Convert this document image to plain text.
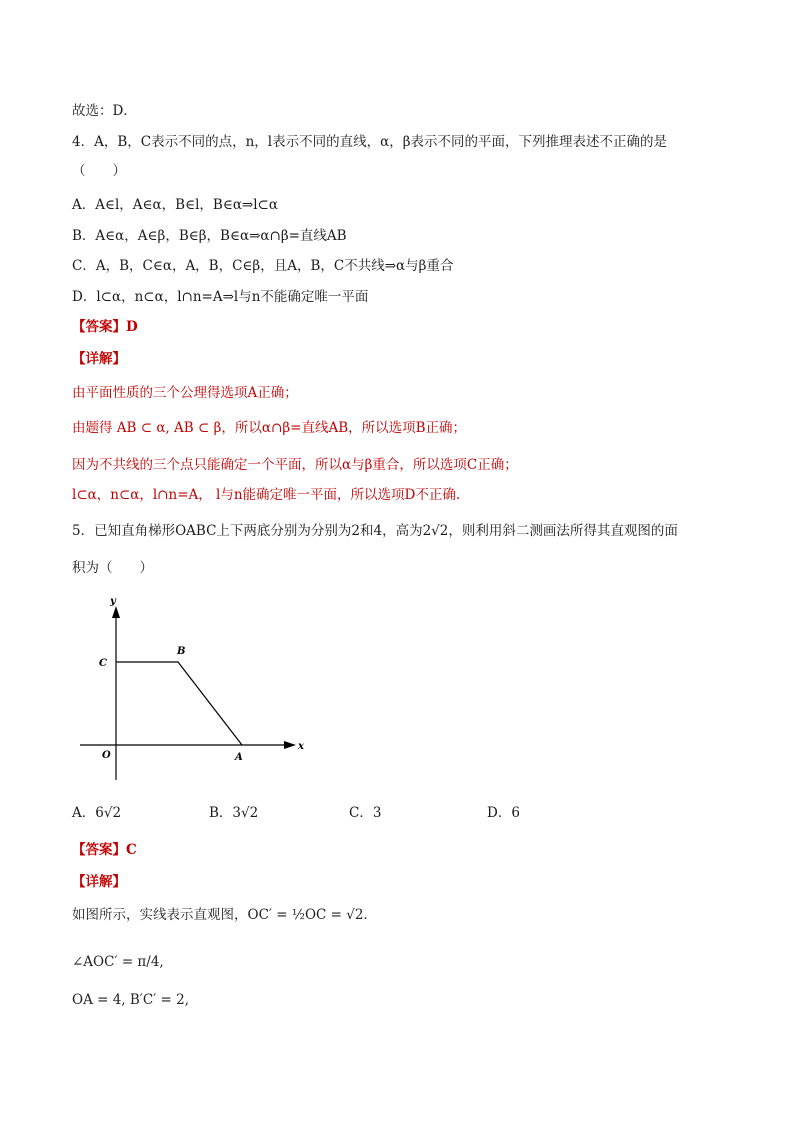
故选：D．
4．A，B，C表示不同的点，n，l表示不同的直线，α，β表示不同的平面，下列推理表述不正确的是
（　　）
A．A∈l，A∈α，B∈l，B∈α⇒l⊂α
B．A∈α，A∈β，B∈β，B∈α⇒α∩β=直线AB
C．A，B，C∈α，A，B，C∈β，且A，B，C不共线⇒α与β重合
D．l⊂α，n⊂α，l∩n=A⇒l与n不能确定唯一平面
【答案】D
【详解】
由平面性质的三个公理得选项A正确；
由题得 AB ⊂ α, AB ⊂ β，所以α∩β=直线AB，所以选项B正确；
因为不共线的三个点只能确定一个平面，所以α与β重合，所以选项C正确；
l⊂α，n⊂α，l∩n=A， l与n能确定唯一平面，所以选项D不正确.
5．已知直角梯形OABC上下两底分别为分别为2和4，高为2√2，则利用斜二测画法所得其直观图的面
积为（　　）
y
x
O	A
B
C
A．6√2	B．3√2	C．3	D．6
【答案】C
【详解】
如图所示，实线表示直观图，OC′ = ½OC = √2．
∠AOC′ = π/4,
OA = 4, B′C′ = 2,
